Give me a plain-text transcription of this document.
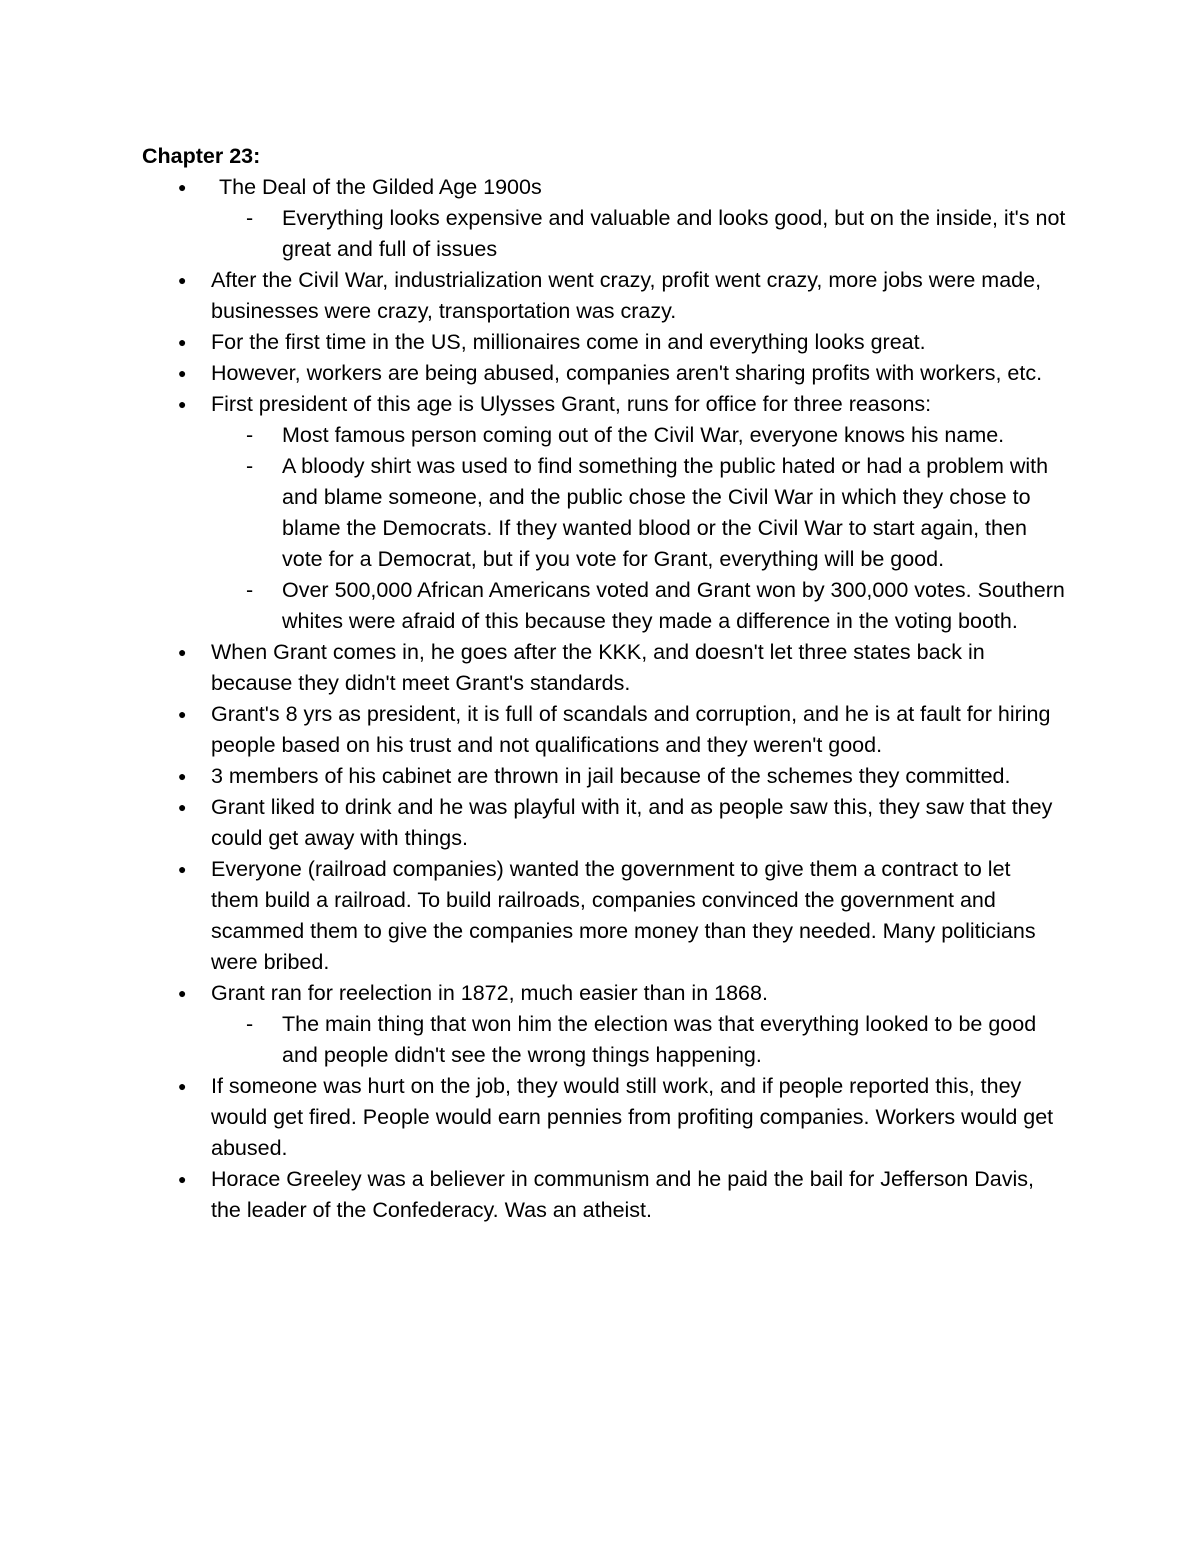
Chapter 23:
●	The Deal of the Gilded Age 1900s
-	Everything looks expensive and valuable and looks good, but on the inside, it's not great and full of issues
●	After the Civil War, industrialization went crazy, profit went crazy, more jobs were made, businesses were crazy, transportation was crazy.
●	For the first time in the US, millionaires come in and everything looks great.
●	However, workers are being abused, companies aren't sharing profits with workers, etc.
●	First president of this age is Ulysses Grant, runs for office for three reasons:
-	Most famous person coming out of the Civil War, everyone knows his name.
-	A bloody shirt was used to find something the public hated or had a problem with and blame someone, and the public chose the Civil War in which they chose to blame the Democrats. If they wanted blood or the Civil War to start again, then vote for a Democrat, but if you vote for Grant, everything will be good.
-	Over 500,000 African Americans voted and Grant won by 300,000 votes. Southern whites were afraid of this because they made a difference in the voting booth.
●	When Grant comes in, he goes after the KKK, and doesn't let three states back in because they didn't meet Grant's standards.
●	Grant's 8 yrs as president, it is full of scandals and corruption, and he is at fault for hiring people based on his trust and not qualifications and they weren't good.
●	3 members of his cabinet are thrown in jail because of the schemes they committed.
●	Grant liked to drink and he was playful with it, and as people saw this, they saw that they could get away with things.
●	Everyone (railroad companies) wanted the government to give them a contract to let them build a railroad. To build railroads, companies convinced the government and scammed them to give the companies more money than they needed. Many politicians were bribed.
●	Grant ran for reelection in 1872, much easier than in 1868.
-	The main thing that won him the election was that everything looked to be good and people didn't see the wrong things happening.
●	If someone was hurt on the job, they would still work, and if people reported this, they would get fired. People would earn pennies from profiting companies. Workers would get abused.
●	Horace Greeley was a believer in communism and he paid the bail for Jefferson Davis, the leader of the Confederacy. Was an atheist.
